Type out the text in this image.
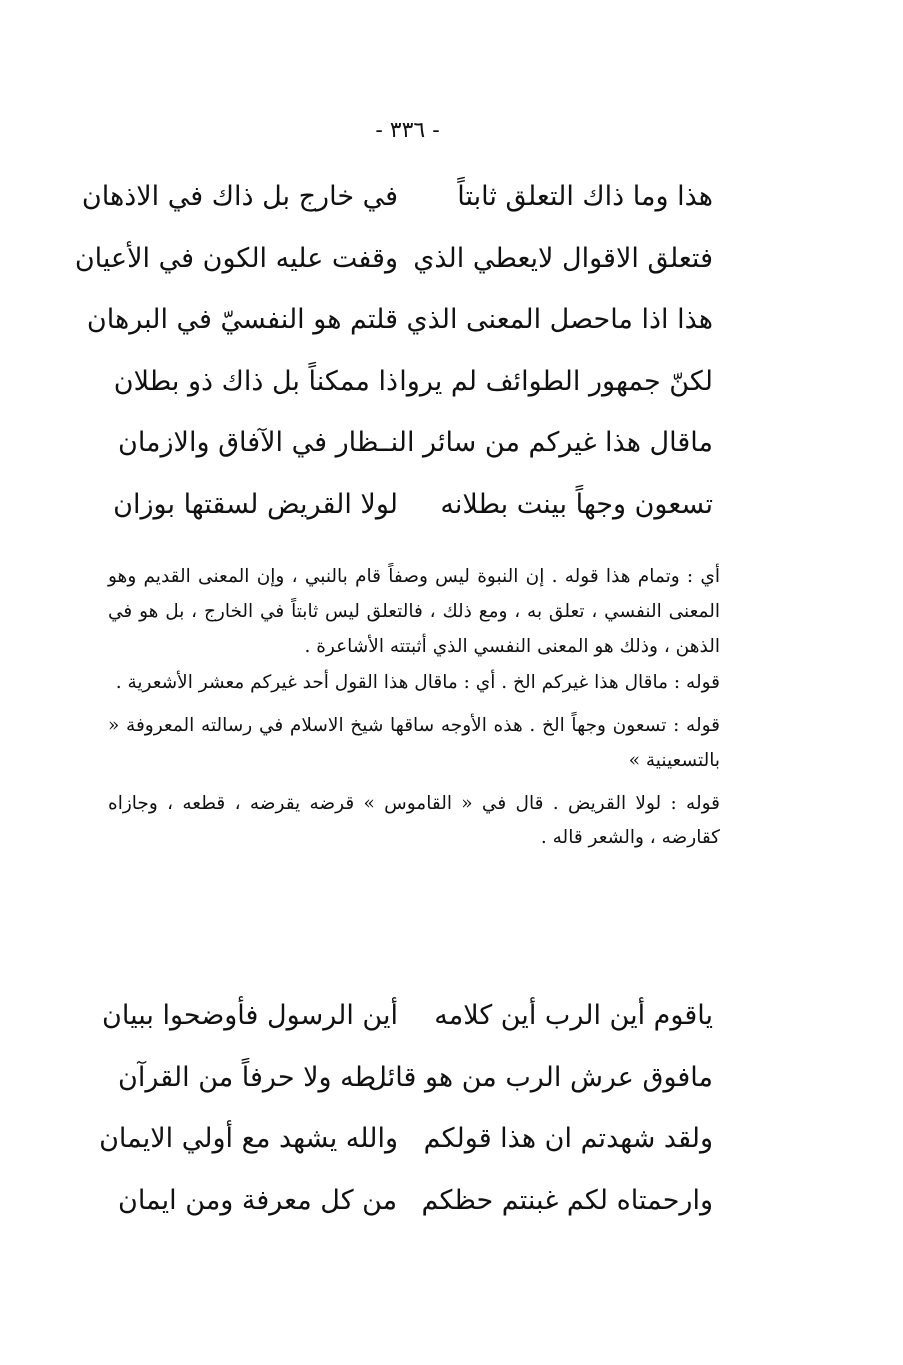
- ٣٣٦ -
هذا وما ذاك التعلق ثابتاً
في خارج بل ذاك في الاذهان
فتعلق الاقوال لايعطي الذي
وقفت عليه الكون في الأعيان
هذا اذا ماحصل المعنى الذي
قلتم هو النفسيّ في البرهان
لكنّ جمهور الطوائف لم يروا
ذا ممكناً بل ذاك ذو بطلان
ماقال هذا غيركم من سائر النـ
ـظار في الآفاق والازمان
تسعون وجهاً بينت بطلانه
لولا القريض لسقتها بوزان

أي : وتمام هذا قوله . إن النبوة ليس وصفاً قام بالنبي ، وإن المعنى القديم وهو المعنى النفسي ، تعلق به ، ومع ذلك ، فالتعلق ليس ثابتاً في الخارج ، بل هو في الذهن ، وذلك هو المعنى النفسي الذي أثبتته الأشاعرة .

قوله : ماقال هذا غيركم الخ . أي : ماقال هذا القول أحد غيركم معشر الأشعرية .

قوله : تسعون وجهاً الخ . هذه الأوجه ساقها شيخ الاسلام في رسالته المعروفة « بالتسعينية »

قوله : لولا القريض . قال في « القاموس » قرضه يقرضه ، قطعه ، وجازاه كقارضه ، والشعر قاله .

ياقوم أين الرب أين كلامه
أين الرسول فأوضحوا ببيان
مافوق عرش الرب من هو قائل
طه ولا حرفاً من القرآن
ولقد شهدتم ان هذا قولكم
والله يشهد مع أولي الايمان
وارحمتاه لكم غبنتم حظكم
من كل معرفة ومن ايمان
